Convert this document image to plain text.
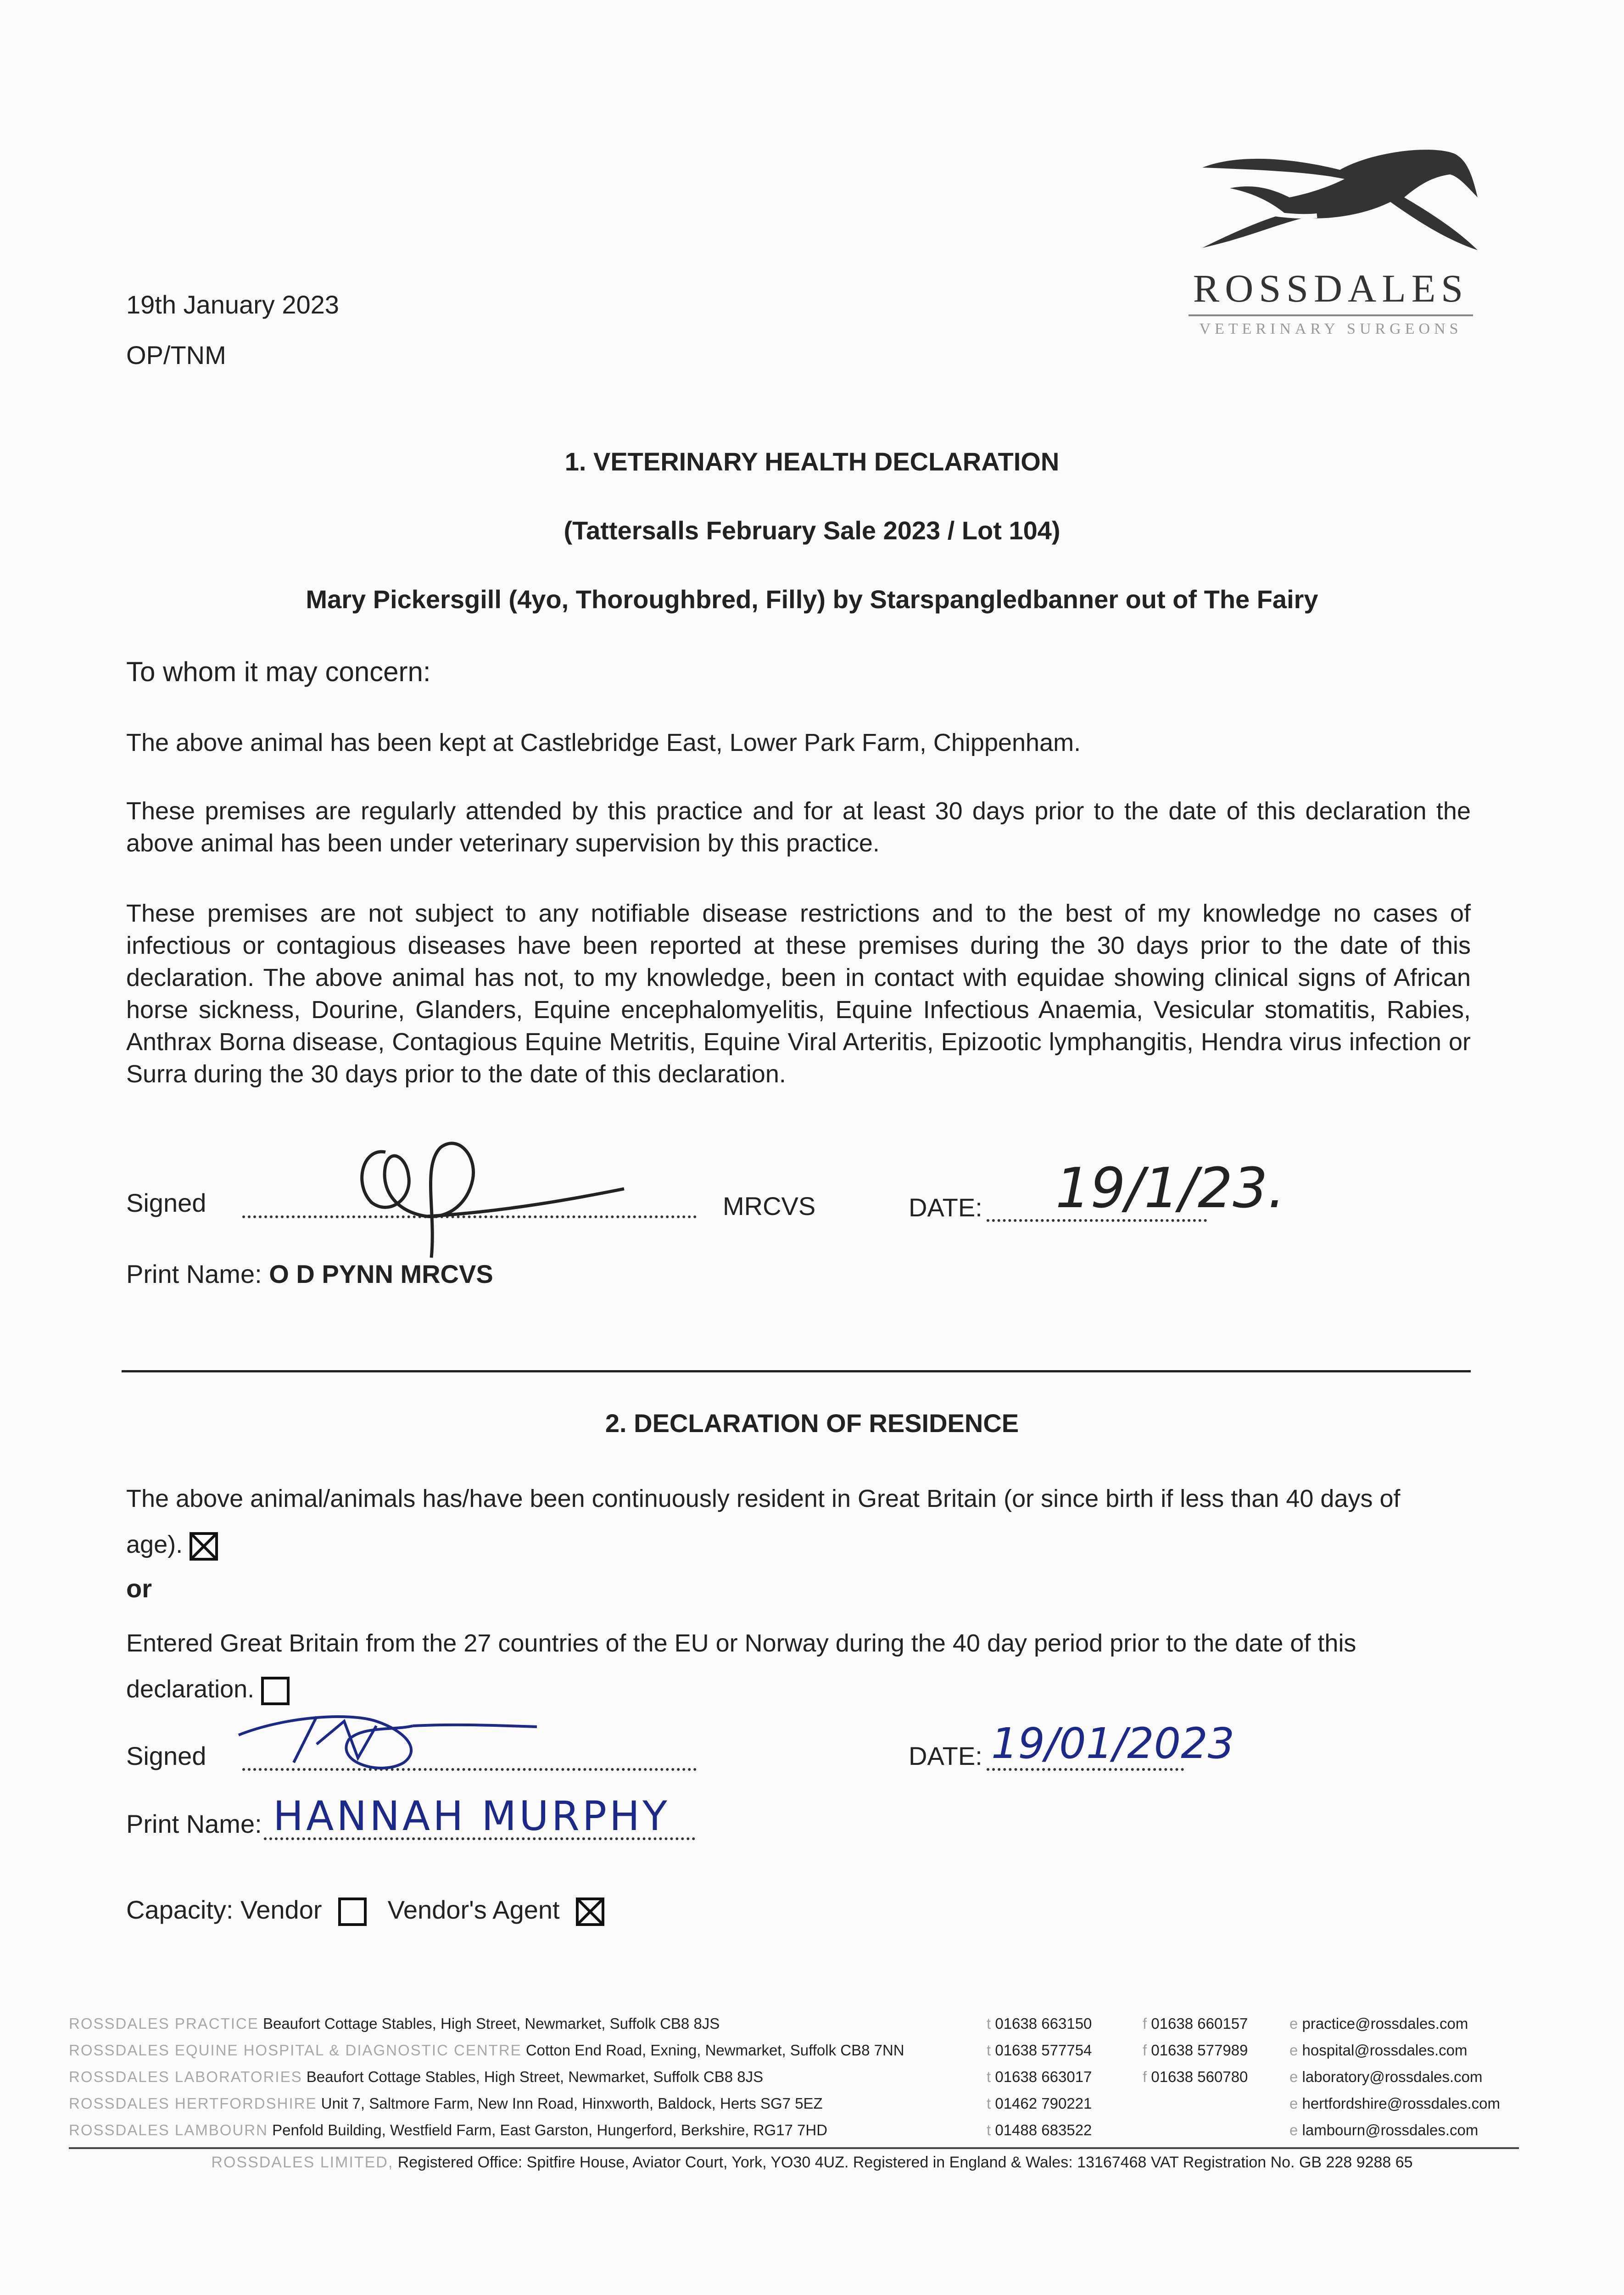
19th January 2023
OP/TNM
ROSSDALES
VETERINARY SURGEONS
1. VETERINARY HEALTH DECLARATION
(Tattersalls February Sale 2023 / Lot 104)
Mary Pickersgill (4yo, Thoroughbred, Filly) by Starspangledbanner out of The Fairy
To whom it may concern:
The above animal has been kept at Castlebridge East, Lower Park Farm, Chippenham.
These premises are regularly attended by this practice and for at least 30 days prior to the date of this declaration the above animal has been under veterinary supervision by this practice.
These premises are not subject to any notifiable disease restrictions and to the best of my knowledge no cases of infectious or contagious diseases have been reported at these premises during the 30 days prior to the date of this declaration. The above animal has not, to my knowledge, been in contact with equidae showing clinical signs of African horse sickness, Dourine, Glanders, Equine encephalomyelitis, Equine Infectious Anaemia, Vesicular stomatitis, Rabies, Anthrax Borna disease, Contagious Equine Metritis, Equine Viral Arteritis, Epizootic lymphangitis, Hendra virus infection or Surra during the 30 days prior to the date of this declaration.
Signed	MRCVS	DATE: 19/1/23.
Print Name: O D PYNN MRCVS
2. DECLARATION OF RESIDENCE
The above animal/animals has/have been continuously resident in Great Britain (or since birth if less than 40 days of age).
or
Entered Great Britain from the 27 countries of the EU or Norway during the 40 day period prior to the date of this declaration.
Signed	DATE: 19/01/2023
Print Name: HANNAH MURPHY
Capacity: Vendor	Vendor's Agent
ROSSDALES PRACTICE Beaufort Cottage Stables, High Street, Newmarket, Suffolk CB8 8JS	t 01638 663150	f 01638 660157	e practice@rossdales.com
ROSSDALES EQUINE HOSPITAL & DIAGNOSTIC CENTRE Cotton End Road, Exning, Newmarket, Suffolk CB8 7NN	t 01638 577754	f 01638 577989	e hospital@rossdales.com
ROSSDALES LABORATORIES Beaufort Cottage Stables, High Street, Newmarket, Suffolk CB8 8JS	t 01638 663017	f 01638 560780	e laboratory@rossdales.com
ROSSDALES HERTFORDSHIRE Unit 7, Saltmore Farm, New Inn Road, Hinxworth, Baldock, Herts SG7 5EZ	t 01462 790221	e hertfordshire@rossdales.com
ROSSDALES LAMBOURN Penfold Building, Westfield Farm, East Garston, Hungerford, Berkshire, RG17 7HD	t 01488 683522	e lambourn@rossdales.com
ROSSDALES LIMITED, Registered Office: Spitfire House, Aviator Court, York, YO30 4UZ. Registered in England & Wales: 13167468 VAT Registration No. GB 228 9288 65
